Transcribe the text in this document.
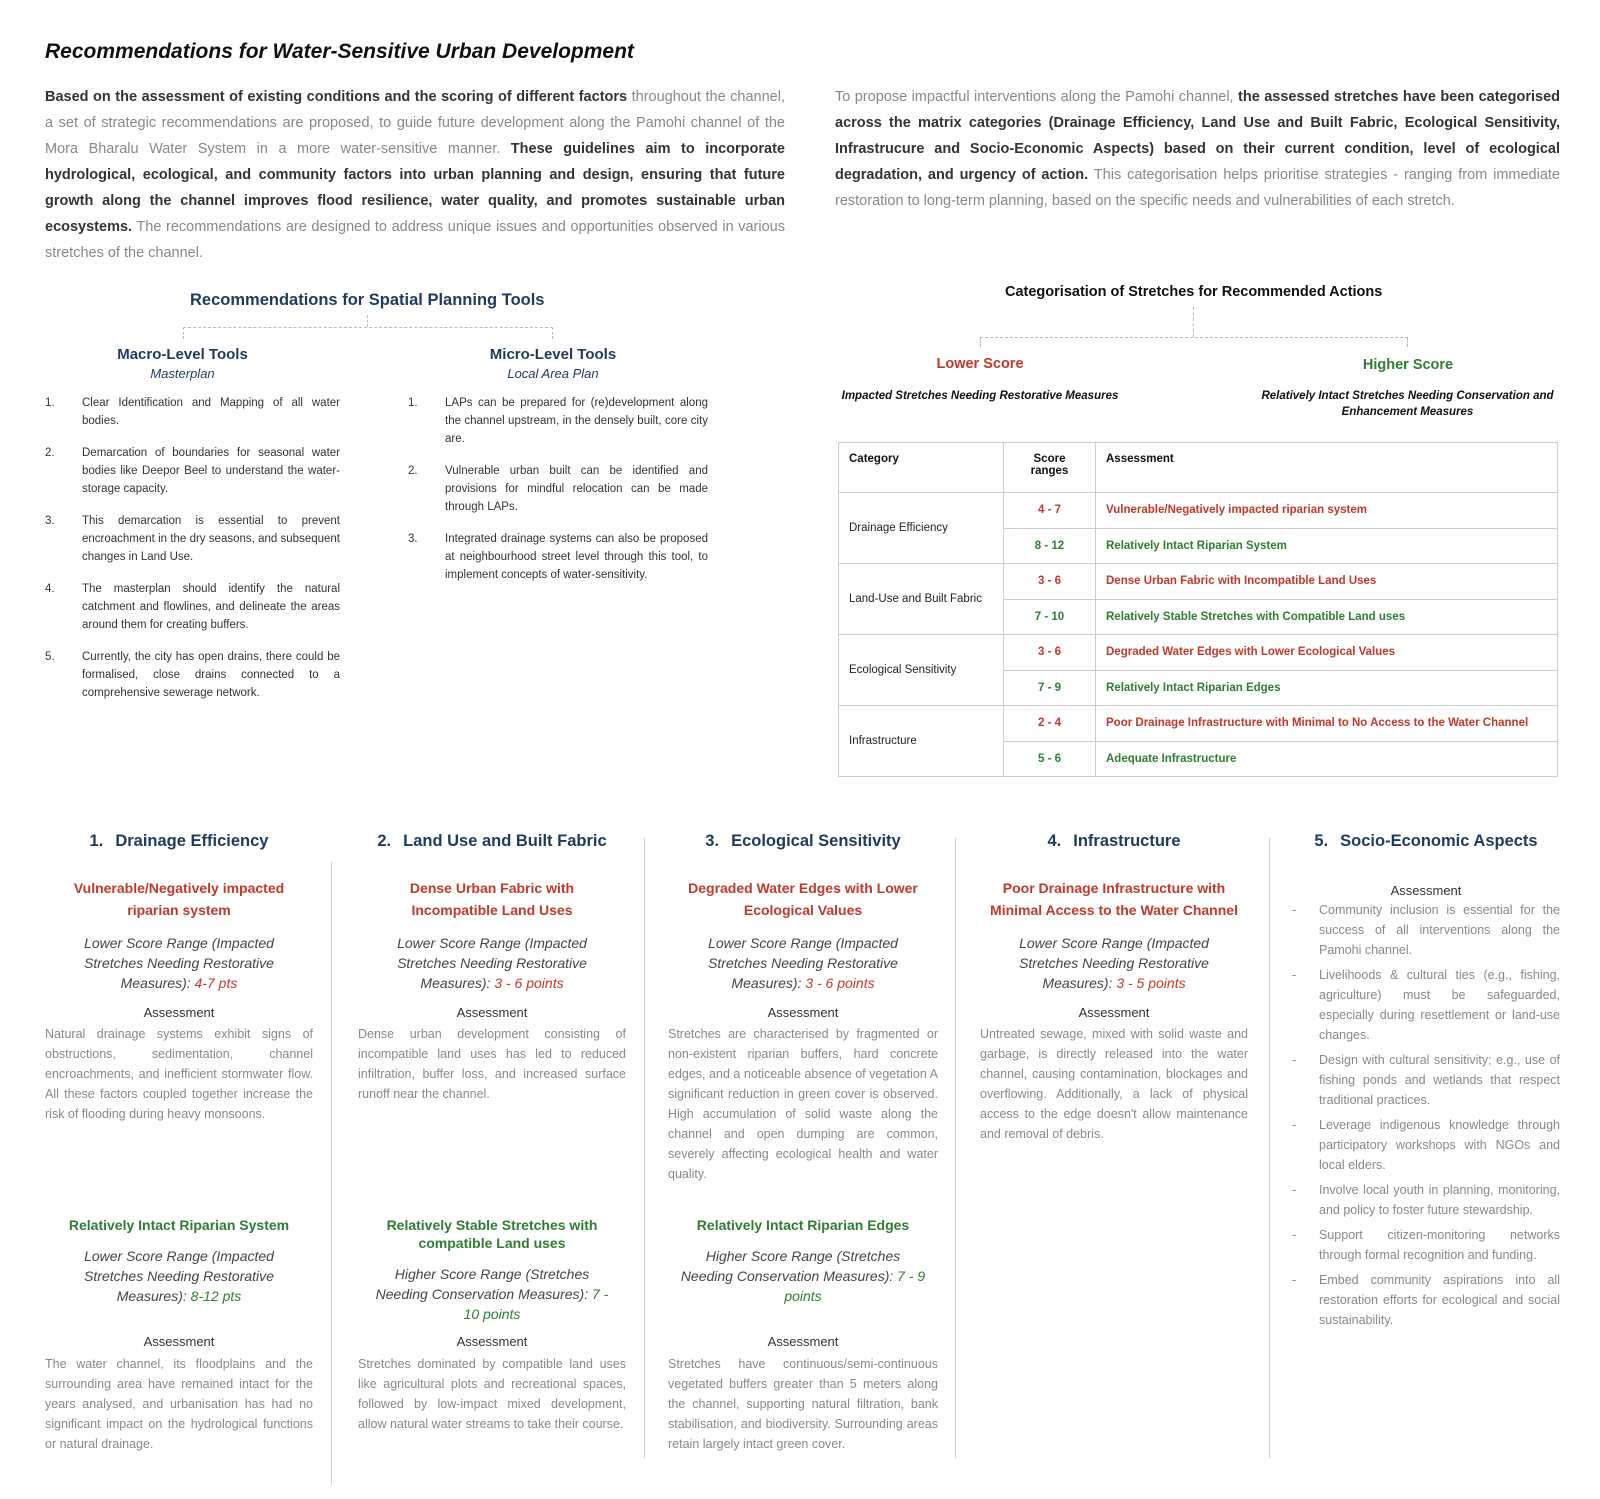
Recommendations for Water-Sensitive Urban Development
Based on the assessment of existing conditions and the scoring of different factors throughout the channel, a set of strategic recommendations are proposed, to guide future development along the Pamohi channel of the Mora Bharalu Water System in a more water-sensitive manner. These guidelines aim to incorporate hydrological, ecological, and community factors into urban planning and design, ensuring that future growth along the channel improves flood resilience, water quality, and promotes sustainable urban ecosystems. The recommendations are designed to address unique issues and opportunities observed in various stretches of the channel.
To propose impactful interventions along the Pamohi channel, the assessed stretches have been categorised across the matrix categories (Drainage Efficiency, Land Use and Built Fabric, Ecological Sensitivity, Infrastrucure and Socio-Economic Aspects) based on their current condition, level of ecological degradation, and urgency of action. This categorisation helps prioritise strategies - ranging from immediate restoration to long-term planning, based on the specific needs and vulnerabilities of each stretch.
Recommendations for Spatial Planning Tools
Macro-Level Tools
Masterplan
1. Clear Identification and Mapping of all water bodies.
2. Demarcation of boundaries for seasonal water bodies like Deepor Beel to understand the water-storage capacity.
3. This demarcation is essential to prevent encroachment in the dry seasons, and subsequent changes in Land Use.
4. The masterplan should identify the natural catchment and flowlines, and delineate the areas around them for creating buffers.
5. Currently, the city has open drains, there could be formalised, close drains connected to a comprehensive sewerage network.
Micro-Level Tools
Local Area Plan
1. LAPs can be prepared for (re)development along the channel upstream, in the densely built, core city are.
2. Vulnerable urban built can be identified and provisions for mindful relocation can be made through LAPs.
3. Integrated drainage systems can also be proposed at neighbourhood street level through this tool, to implement concepts of water-sensitivity.
Categorisation of Stretches for Recommended Actions
Lower Score
Impacted Stretches Needing Restorative Measures
Higher Score
Relatively Intact Stretches Needing Conservation and Enhancement Measures
Category	Score ranges	Assessment
Drainage Efficiency	4 - 7	Vulnerable/Negatively impacted riparian system
	8 - 12	Relatively Intact Riparian System
Land-Use and Built Fabric	3 - 6	Dense Urban Fabric with Incompatible Land Uses
	7 - 10	Relatively Stable Stretches with Compatible Land uses
Ecological Sensitivity	3 - 6	Degraded Water Edges with Lower Ecological Values
	7 - 9	Relatively Intact Riparian Edges
Infrastructure	2 - 4	Poor Drainage Infrastructure with Minimal to No Access to the Water Channel
	5 - 6	Adequate Infrastructure
1. Drainage Efficiency
Vulnerable/Negatively impacted riparian system
Lower Score Range (Impacted Stretches Needing Restorative Measures): 4-7 pts
Assessment
Natural drainage systems exhibit signs of obstructions, sedimentation, channel encroachments, and inefficient stormwater flow. All these factors coupled together increase the risk of flooding during heavy monsoons.
Relatively Intact Riparian System
Lower Score Range (Impacted Stretches Needing Restorative Measures): 8-12 pts
Assessment
The water channel, its floodplains and the surrounding area have remained intact for the years analysed, and urbanisation has had no significant impact on the hydrological functions or natural drainage.
2. Land Use and Built Fabric
Dense Urban Fabric with Incompatible Land Uses
Lower Score Range (Impacted Stretches Needing Restorative Measures): 3 - 6 points
Assessment
Dense urban development consisting of incompatible land uses has led to reduced infiltration, buffer loss, and increased surface runoff near the channel.
Relatively Stable Stretches with compatible Land uses
Higher Score Range (Stretches Needing Conservation Measures): 7 - 10 points
Assessment
Stretches dominated by compatible land uses like agricultural plots and recreational spaces, followed by low-impact mixed development, allow natural water streams to take their course.
3. Ecological Sensitivity
Degraded Water Edges with Lower Ecological Values
Lower Score Range (Impacted Stretches Needing Restorative Measures): 3 - 6 points
Assessment
Stretches are characterised by fragmented or non-existent riparian buffers, hard concrete edges, and a noticeable absence of vegetation A significant reduction in green cover is observed. High accumulation of solid waste along the channel and open dumping are common, severely affecting ecological health and water quality.
Relatively Intact Riparian Edges
Higher Score Range (Stretches Needing Conservation Measures): 7 - 9 points
Assessment
Stretches have continuous/semi-continuous vegetated buffers greater than 5 meters along the channel, supporting natural filtration, bank stabilisation, and biodiversity. Surrounding areas retain largely intact green cover.
4. Infrastructure
Poor Drainage Infrastructure with Minimal Access to the Water Channel
Lower Score Range (Impacted Stretches Needing Restorative Measures): 3 - 5 points
Assessment
Untreated sewage, mixed with solid waste and garbage, is directly released into the water channel, causing contamination, blockages and overflowing. Additionally, a lack of physical access to the edge doesn't allow maintenance and removal of debris.
5. Socio-Economic Aspects
Assessment
- Community inclusion is essential for the success of all interventions along the Pamohi channel.
- Livelihoods & cultural ties (e.g., fishing, agriculture) must be safeguarded, especially during resettlement or land-use changes.
- Design with cultural sensitivity; e.g., use of fishing ponds and wetlands that respect traditional practices.
- Leverage indigenous knowledge through participatory workshops with NGOs and local elders.
- Involve local youth in planning, monitoring, and policy to foster future stewardship.
- Support citizen-monitoring networks through formal recognition and funding.
- Embed community aspirations into all restoration efforts for ecological and social sustainability.
